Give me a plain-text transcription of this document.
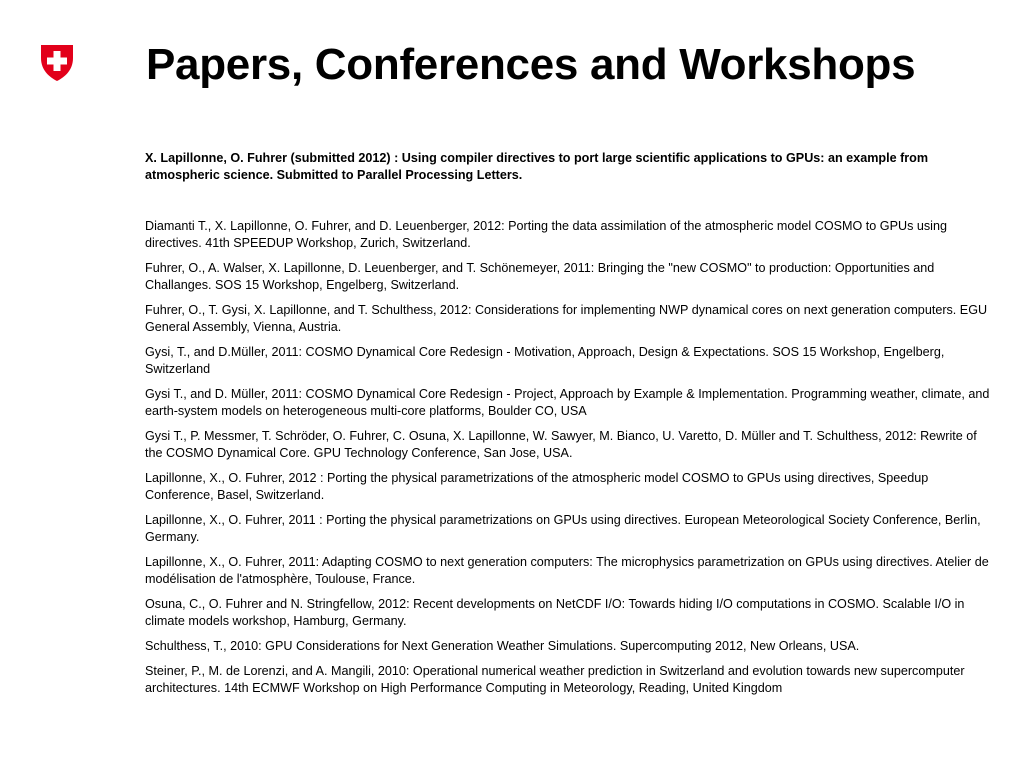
Papers, Conferences and Workshops

X. Lapillonne, O. Fuhrer (submitted 2012) : Using compiler directives to port large scientific applications to GPUs: an example from atmospheric science. Submitted to Parallel Processing Letters.

Diamanti T., X. Lapillonne, O. Fuhrer, and D. Leuenberger, 2012: Porting the data assimilation of the atmospheric model COSMO to GPUs using directives. 41th SPEEDUP Workshop, Zurich, Switzerland.
Fuhrer, O., A. Walser, X. Lapillonne, D. Leuenberger, and T. Schönemeyer, 2011: Bringing the "new COSMO" to production: Opportunities and Challanges. SOS 15 Workshop, Engelberg, Switzerland.
Fuhrer, O., T. Gysi, X. Lapillonne, and T. Schulthess, 2012: Considerations for implementing NWP dynamical cores on next generation computers. EGU General Assembly, Vienna, Austria.
Gysi, T., and D.Müller, 2011: COSMO Dynamical Core Redesign - Motivation, Approach, Design & Expectations. SOS 15 Workshop, Engelberg, Switzerland
Gysi T., and D. Müller, 2011: COSMO Dynamical Core Redesign - Project, Approach by Example & Implementation. Programming weather, climate, and earth-system models on heterogeneous multi-core platforms, Boulder CO, USA
Gysi T., P. Messmer, T. Schröder, O. Fuhrer, C. Osuna, X. Lapillonne, W. Sawyer, M. Bianco, U. Varetto, D. Müller and T. Schulthess, 2012: Rewrite of the COSMO Dynamical Core. GPU Technology Conference, San Jose, USA.
Lapillonne, X., O. Fuhrer, 2012 : Porting the physical parametrizations of the atmospheric model COSMO to GPUs using directives, Speedup Conference, Basel, Switzerland.
Lapillonne, X., O. Fuhrer, 2011 : Porting the physical parametrizations on GPUs using directives. European Meteorological Society Conference, Berlin, Germany.
Lapillonne, X., O. Fuhrer, 2011: Adapting COSMO to next generation computers: The microphysics parametrization on GPUs using directives. Atelier de modélisation de l'atmosphère, Toulouse, France.
Osuna, C., O. Fuhrer and N. Stringfellow, 2012: Recent developments on NetCDF I/O: Towards hiding I/O computations in COSMO. Scalable I/O in climate models workshop, Hamburg, Germany.
Schulthess, T., 2010: GPU Considerations for Next Generation Weather Simulations. Supercomputing 2012, New Orleans, USA.
Steiner, P., M. de Lorenzi, and A. Mangili, 2010: Operational numerical weather prediction in Switzerland and evolution towards new supercomputer architectures. 14th ECMWF Workshop on High Performance Computing in Meteorology, Reading, United Kingdom
